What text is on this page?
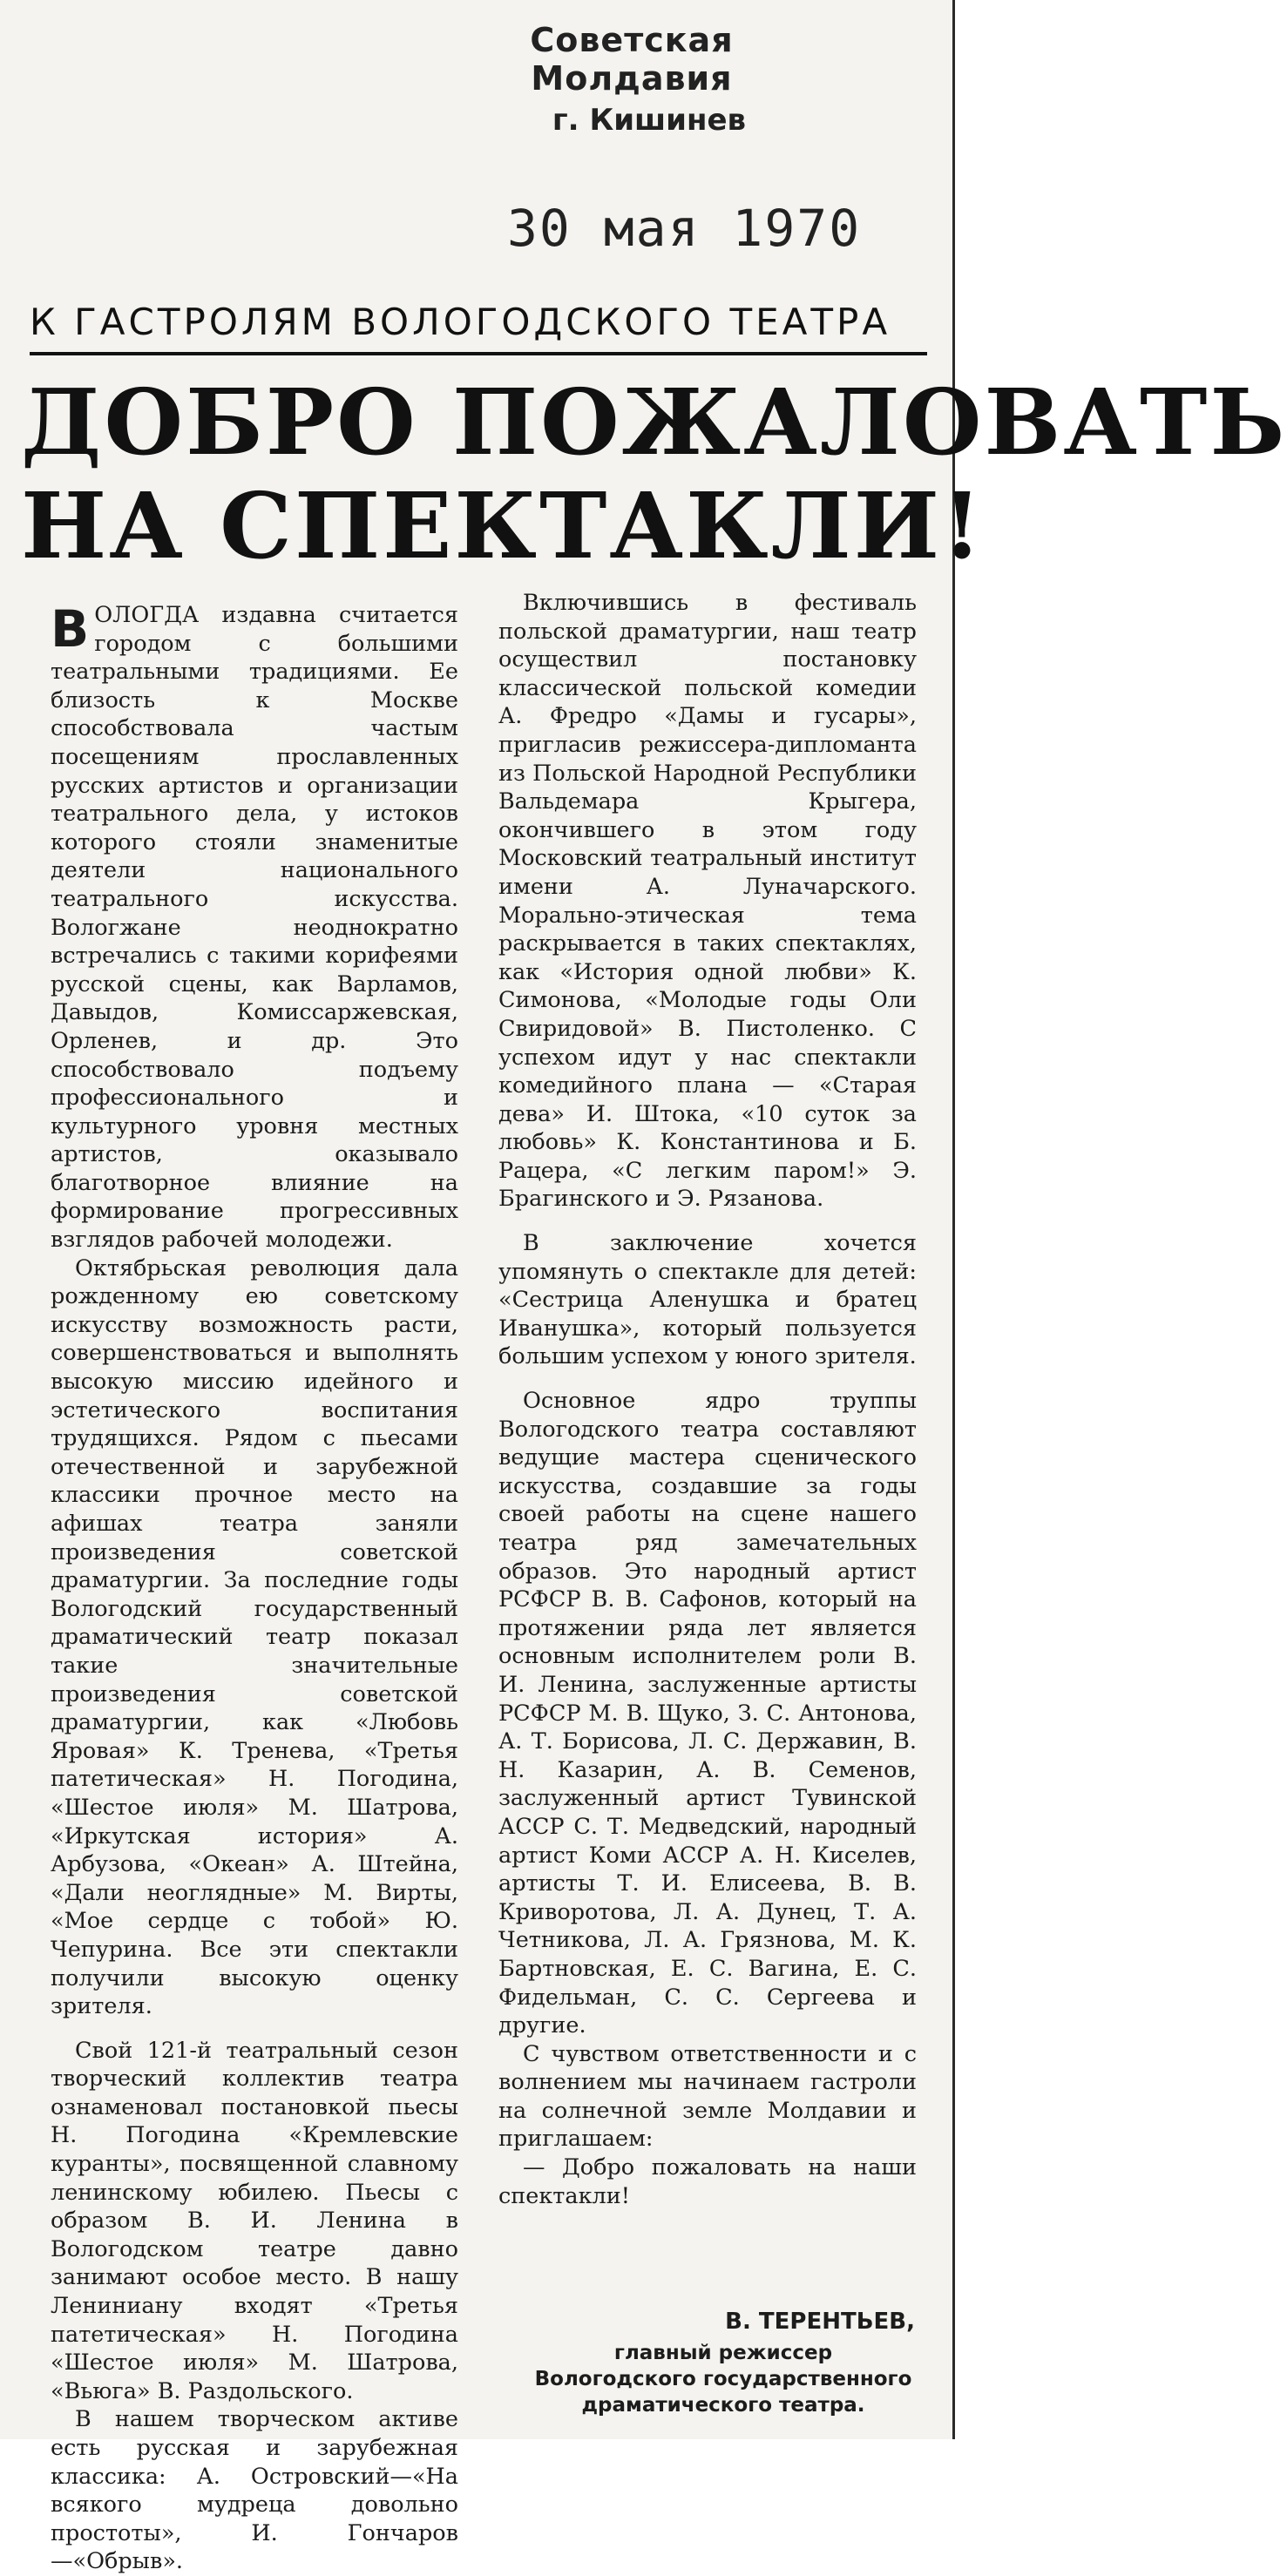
Советская Молдавия
г. Кишинев
30 мая 1970
К ГАСТРОЛЯМ ВОЛОГОДСКОГО ТЕАТРА
ДОБРО ПОЖАЛОВАТЬ
НА СПЕКТАКЛИ!

ВОЛОГДА издавна считается городом с большими театральными традициями. Ее близость к Москве способствовала частым посещениям прославленных русских артистов и организации театрального дела, у истоков которого стояли знаменитые деятели национального театрального искусства. Вологжане неоднократно встречались с такими корифеями русской сцены, как Варламов, Давыдов, Комиссаржевская, Орленев, и др. Это способствовало подъему профессионального и культурного уровня местных артистов, оказывало благотворное влияние на формирование прогрессивных взглядов рабочей молодежи.

Октябрьская революция дала рожденному ею советскому искусству возможность расти, совершенствоваться и выполнять высокую миссию идейного и эстетического воспитания трудящихся. Рядом с пьесами отечественной и зарубежной классики прочное место на афишах театра заняли произведения советской драматургии. За последние годы Вологодский государственный драматический театр показал такие значительные произведения советской драматургии, как «Любовь Яровая» К. Тренева, «Третья патетическая» Н. Погодина, «Шестое июля» М. Шатрова, «Иркутская история» А. Арбузова, «Океан» А. Штейна, «Дали неоглядные» М. Вирты, «Мое сердце с тобой» Ю. Чепурина. Все эти спектакли получили высокую оценку зрителя.

Свой 121-й театральный сезон творческий коллектив театра ознаменовал постановкой пьесы Н. Погодина «Кремлевские куранты», посвященной славному ленинскому юбилею. Пьесы с образом В. И. Ленина в Вологодском театре давно занимают особое место. В нашу Лениниану входят «Третья патетическая» Н. Погодина «Шестое июля» М. Шатрова, «Вьюга» В. Раздольского.

В нашем творческом активе есть русская и зарубежная классика: А. Островский—«На всякого мудреца довольно простоты», И. Гончаров—«Обрыв».

Включившись в фестиваль польской драматургии, наш театр осуществил постановку классической польской комедии А. Фредро «Дамы и гусары», пригласив режиссера-дипломанта из Польской Народной Республики Вальдемара Крыгера, окончившего в этом году Московский театральный институт имени А. Луначарского. Морально-этическая тема раскрывается в таких спектаклях, как «История одной любви» К. Симонова, «Молодые годы Оли Свиридовой» В. Пистоленко. С успехом идут у нас спектакли комедийного плана — «Старая дева» И. Штока, «10 суток за любовь» К. Константинова и Б. Рацера, «С легким паром!» Э. Брагинского и Э. Рязанова.

В заключение хочется упомянуть о спектакле для детей: «Сестрица Аленушка и братец Иванушка», который пользуется большим успехом у юного зрителя.

Основное ядро труппы Вологодского театра составляют ведущие мастера сценического искусства, создавшие за годы своей работы на сцене нашего театра ряд замечательных образов. Это народный артист РСФСР В. В. Сафонов, который на протяжении ряда лет является основным исполнителем роли В. И. Ленина, заслуженные артисты РСФСР М. В. Щуко, З. С. Антонова, А. Т. Борисова, Л. С. Державин, В. Н. Казарин, А. В. Семенов, заслуженный артист Тувинской АССР С. Т. Медведский, народный артист Коми АССР А. Н. Киселев, артисты Т. И. Елисеева, В. В. Криворотова, Л. А. Дунец, Т. А. Четникова, Л. А. Грязнова, М. К. Бартновская, Е. С. Вагина, Е. С. Фидельман, С. С. Сергеева и другие.

С чувством ответственности и с волнением мы начинаем гастроли на солнечной земле Молдавии и приглашаем:

— Добро пожаловать на наши спектакли!

В. ТЕРЕНТЬЕВ,
главный режиссер Вологодского государственного драматического театра.
